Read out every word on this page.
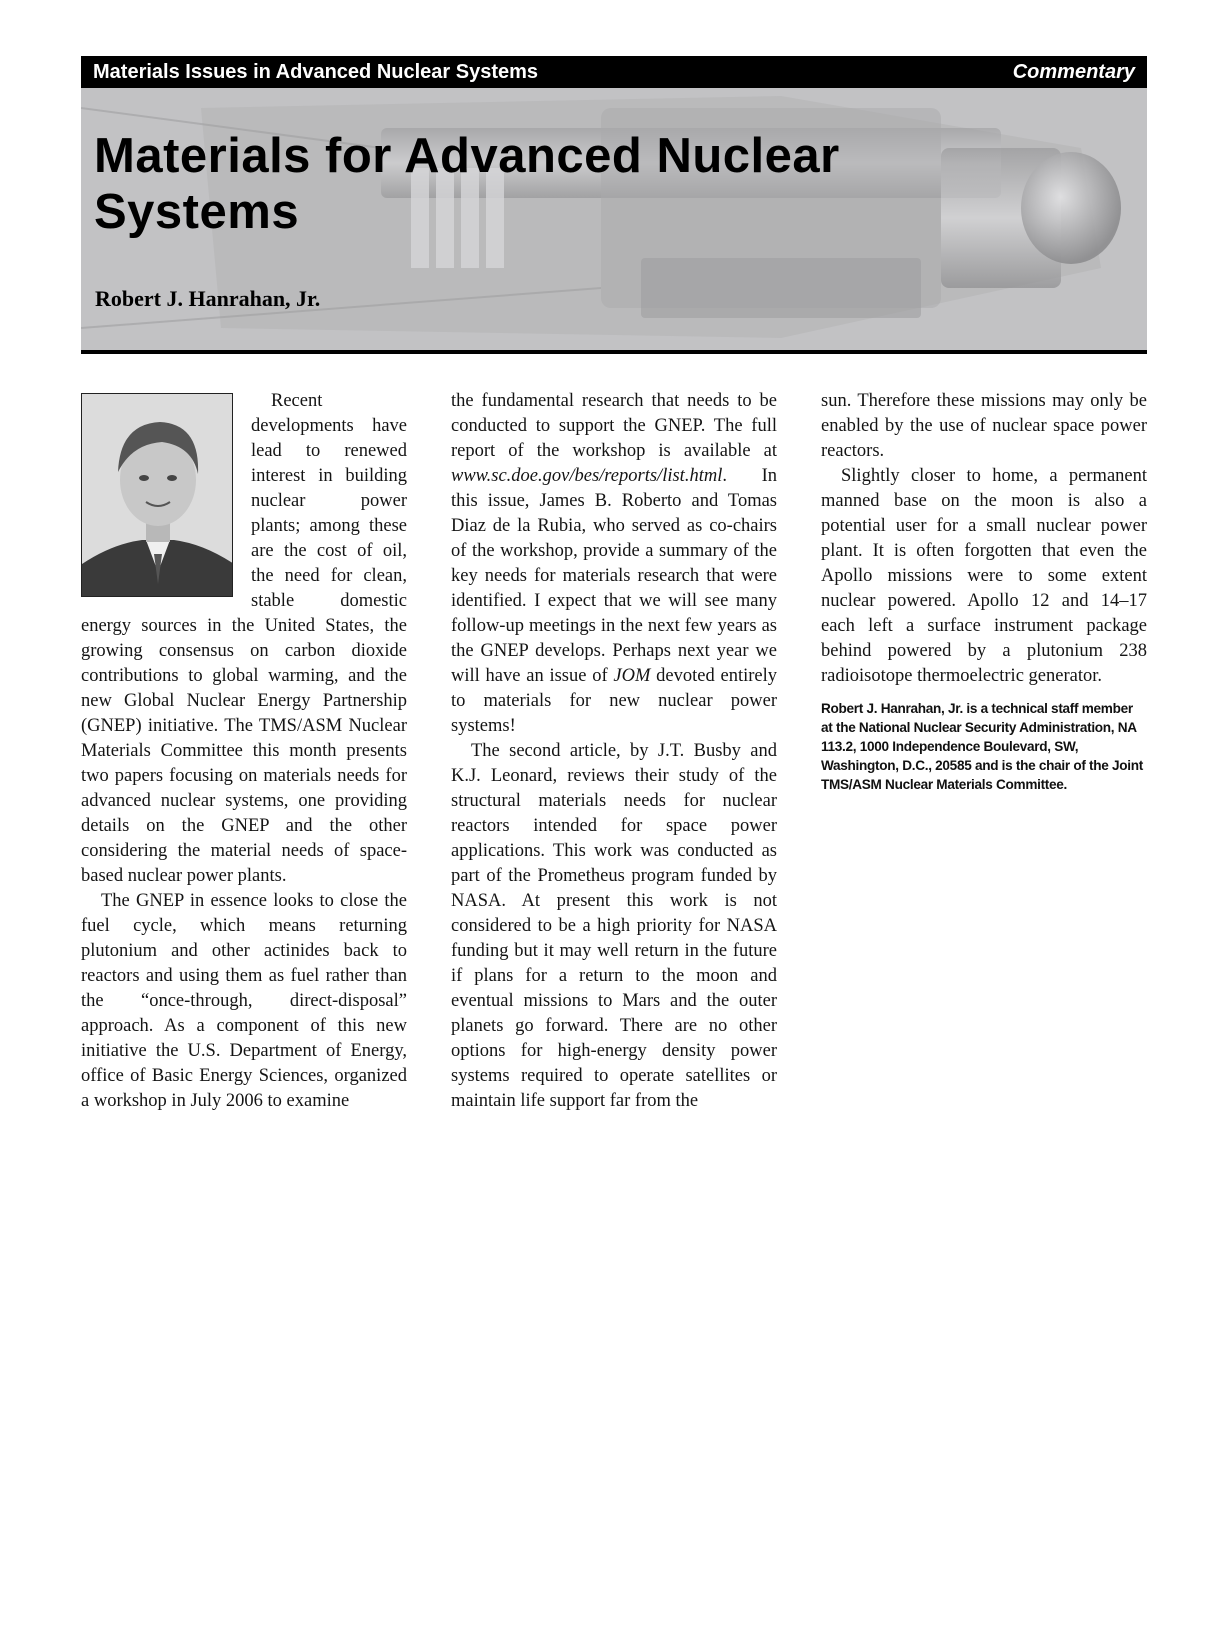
Materials Issues in Advanced Nuclear Systems	Commentary
Materials for Advanced Nuclear Systems
Robert J. Hanrahan, Jr.

Recent developments have lead to renewed interest in building nuclear power plants; among these are the cost of oil, the need for clean, stable domestic energy sources in the United States, the growing consensus on carbon dioxide contributions to global warming, and the new Global Nuclear Energy Partnership (GNEP) initiative. The TMS/ASM Nuclear Materials Committee this month presents two papers focusing on materials needs for advanced nuclear systems, one providing details on the GNEP and the other considering the material needs of space-based nuclear power plants.

The GNEP in essence looks to close the fuel cycle, which means returning plutonium and other actinides back to reactors and using them as fuel rather than the “once-through, direct-disposal” approach. As a component of this new initiative the U.S. Department of Energy, office of Basic Energy Sciences, organized a workshop in July 2006 to examine

the fundamental research that needs to be conducted to support the GNEP. The full report of the workshop is available at www.sc.doe.gov/bes/reports/list.html. In this issue, James B. Roberto and Tomas Diaz de la Rubia, who served as co-chairs of the workshop, provide a summary of the key needs for materials research that were identified. I expect that we will see many follow-up meetings in the next few years as the GNEP develops. Perhaps next year we will have an issue of JOM devoted entirely to materials for new nuclear power systems!

The second article, by J.T. Busby and K.J. Leonard, reviews their study of the structural materials needs for nuclear reactors intended for space power applications. This work was conducted as part of the Prometheus program funded by NASA. At present this work is not considered to be a high priority for NASA funding but it may well return in the future if plans for a return to the moon and eventual missions to Mars and the outer planets go forward. There are no other options for high-energy density power systems required to operate satellites or maintain life support far from the

sun. Therefore these missions may only be enabled by the use of nuclear space power reactors.

Slightly closer to home, a permanent manned base on the moon is also a potential user for a small nuclear power plant. It is often forgotten that even the Apollo missions were to some extent nuclear powered. Apollo 12 and 14–17 each left a surface instrument package behind powered by a plutonium 238 radioisotope thermoelectric generator.

Robert J. Hanrahan, Jr. is a technical staff member at the National Nuclear Security Administration, NA 113.2, 1000 Independence Boulevard, SW, Washington, D.C., 20585 and is the chair of the Joint TMS/ASM Nuclear Materials Committee.
